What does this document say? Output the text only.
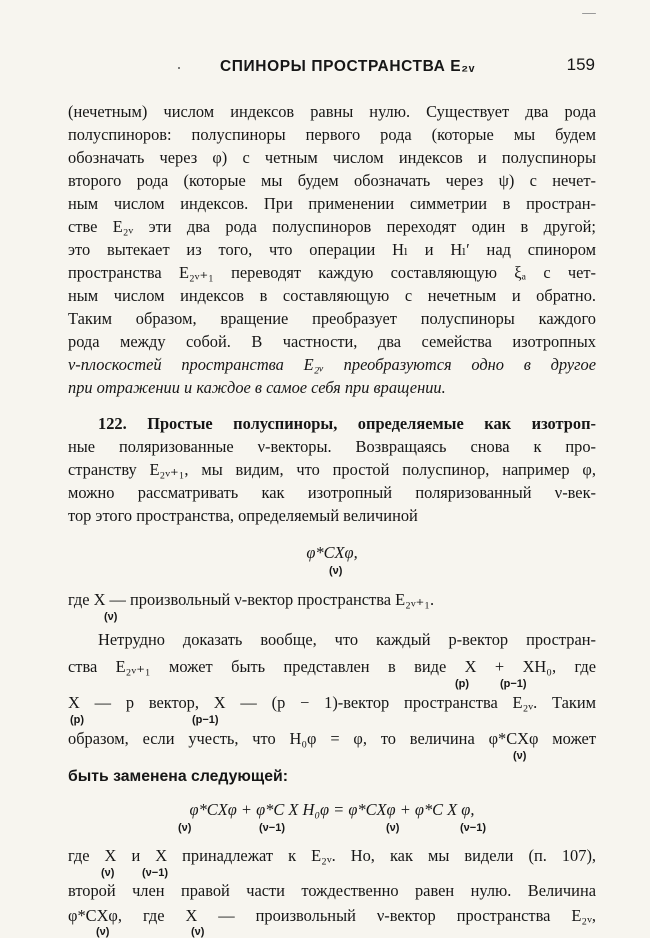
СПИНОРЫ ПРОСТРАНСТВА E₂ᵥ	159
(нечетным) числом индексов равны нулю. Существует два рода
полуспиноров: полуспиноры первого рода (которые мы будем
обозначать через φ) с четным числом индексов и полуспиноры
второго рода (которые мы будем обозначать через ψ) с нечет-
ным числом индексов. При применении симметрии в простран-
стве E₂ᵥ эти два рода полуспиноров переходят один в другой;
это вытекает из того, что операции Hₗ и Hₗ′ над спинором
пространства E₂ᵥ₊₁ переводят каждую составляющую ξₐ с чет-
ным числом индексов в составляющую с нечетным и обратно.
Таким образом, вращение преобразует полуспиноры каждого
рода между собой. В частности, два семейства изотропных
ν-плоскостей пространства E₂ᵥ преобразуются одно в другое
при отражении и каждое в самое себя при вращении.
122. Простые полуспиноры, определяемые как изотроп-
ные поляризованные ν-векторы. Возвращаясь снова к про-
странству E₂ᵥ₊₁, мы видим, что простой полуспинор, например φ,
можно рассматривать как изотропный поляризованный ν-век-
тор этого пространства, определяемый величиной
φ*CXφ,
(ν)
где X — произвольный ν-вектор пространства E₂ᵥ₊₁.
(ν)
Нетрудно доказать вообще, что каждый p-вектор простран-
ства E₂ᵥ₊₁ может быть представлен в виде X + XH₀, где
(p)	(p−1)
X — p вектор, X — (p − 1)-вектор пространства E₂ᵥ. Таким
(p)	(p−1)
образом, если учесть, что H₀φ = φ, то величина φ*CXφ может
(ν)
быть заменена следующей:
φ*CXφ + φ*C X H₀φ = φ*CXφ + φ*C X φ,
(ν)	(ν−1)	(ν)	(ν−1)
где X и X принадлежат к E₂ᵥ. Но, как мы видели (п. 107),
(ν)	(ν−1)
второй член правой части тождественно равен нулю. Величина
φ*CXφ, где X — произвольный ν-вектор пространства E₂ᵥ,
(ν)	(ν)
